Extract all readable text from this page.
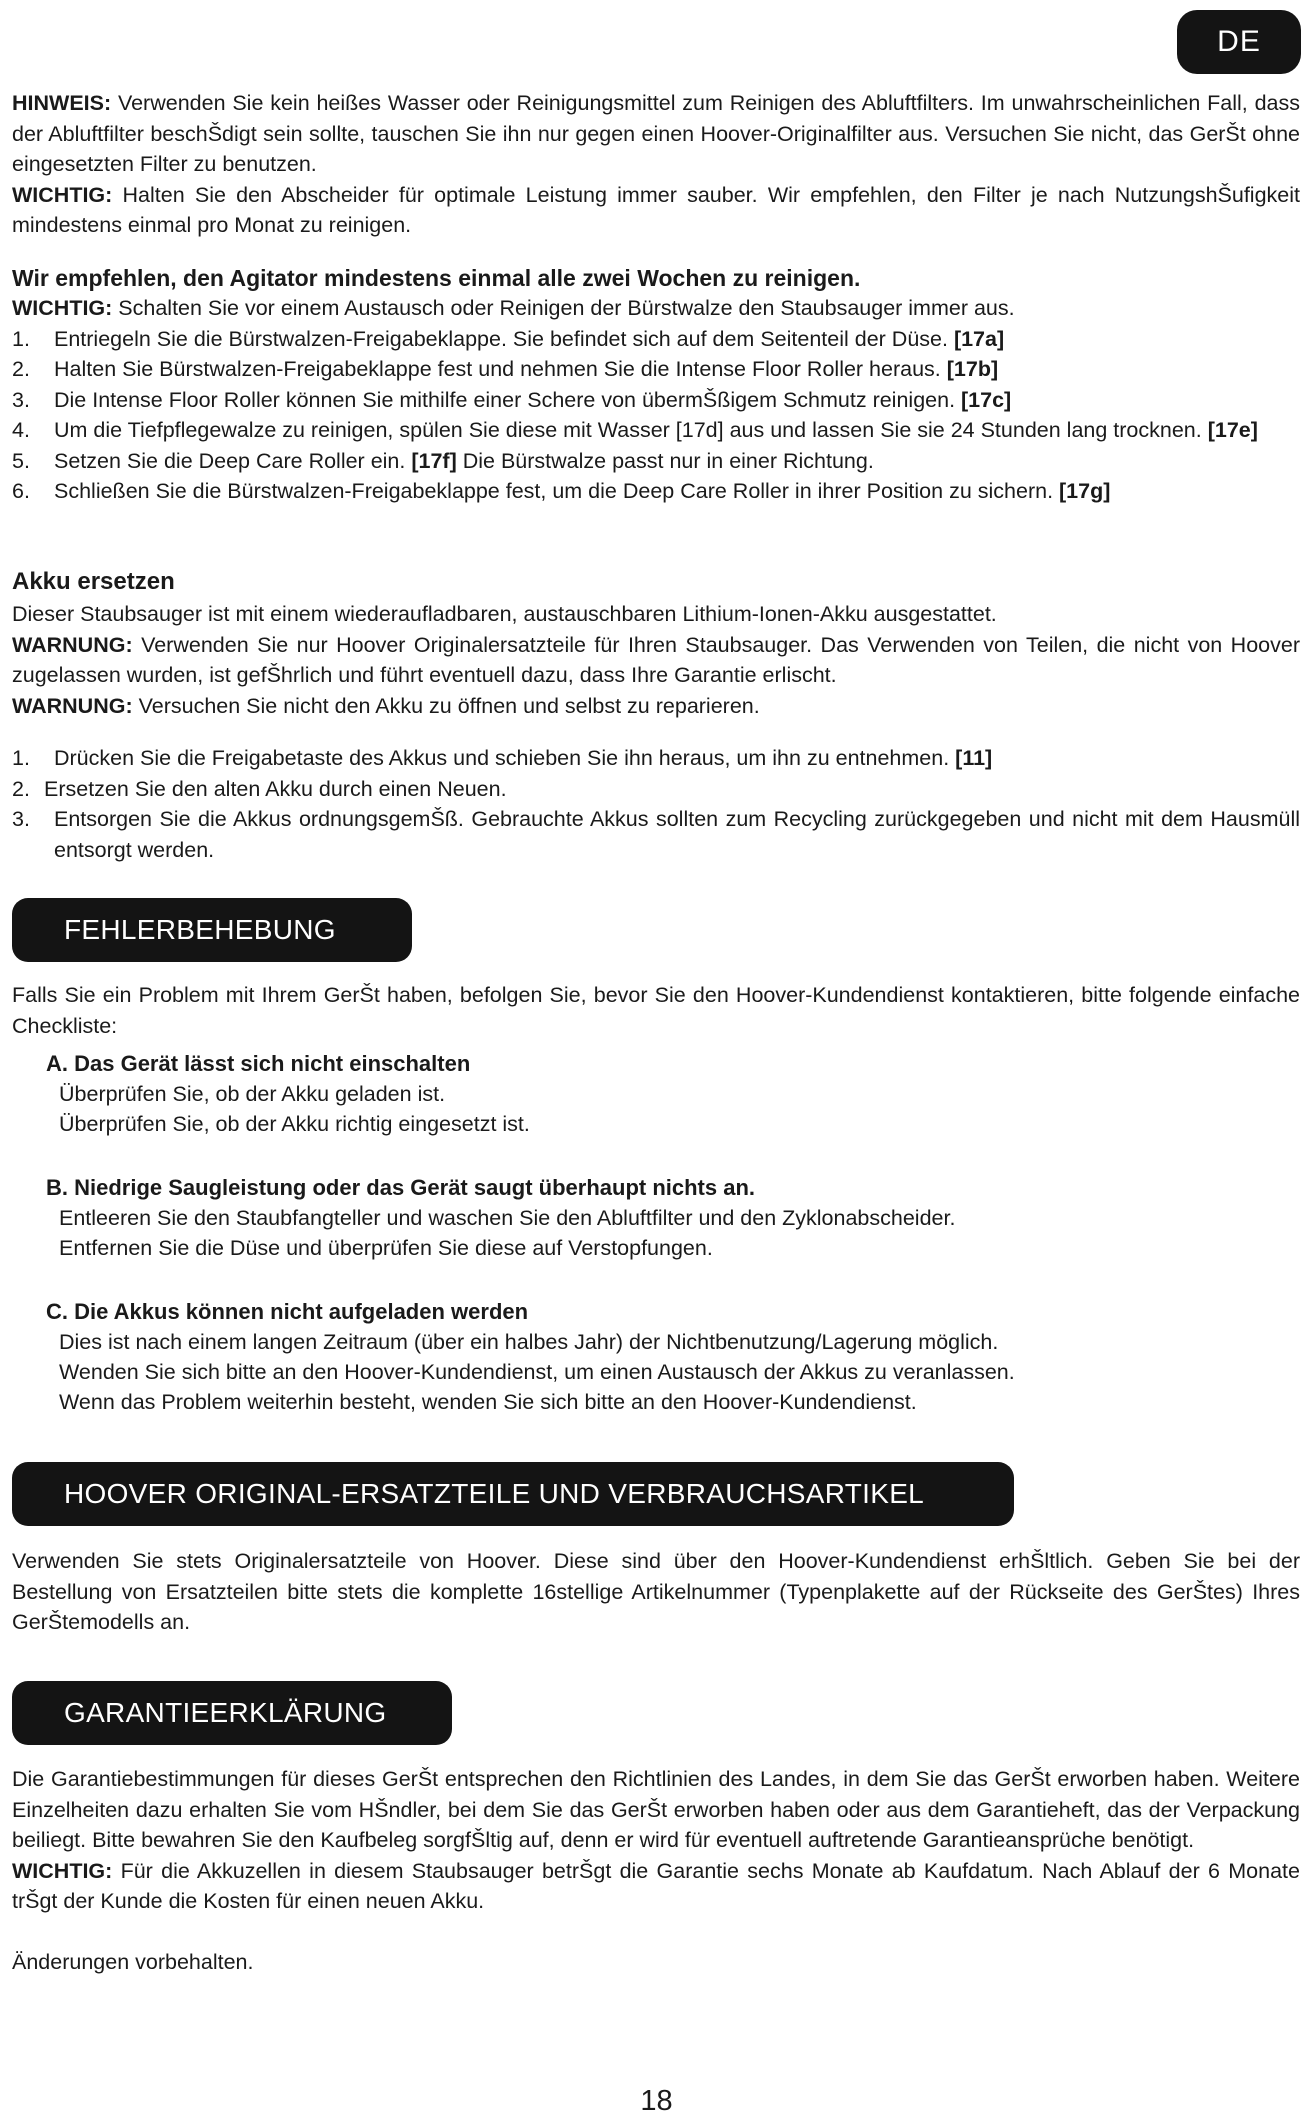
DE

HINWEIS: Verwenden Sie kein heißes Wasser oder Reinigungsmittel zum Reinigen des Abluftfilters. Im unwahrscheinlichen Fall, dass der Abluftfilter beschŠdigt sein sollte, tauschen Sie ihn nur gegen einen Hoover-Originalfilter aus. Versuchen Sie nicht, das GerŠt ohne eingesetzten Filter zu benutzen.

WICHTIG: Halten Sie den Abscheider für optimale Leistung immer sauber. Wir empfehlen, den Filter je nach NutzungshŠufigkeit mindestens einmal pro Monat zu reinigen.

Wir empfehlen, den Agitator mindestens einmal alle zwei Wochen zu reinigen.

WICHTIG: Schalten Sie vor einem Austausch oder Reinigen der Bürstwalze den Staubsauger immer aus.

1.	Entriegeln Sie die Bürstwalzen-Freigabeklappe. Sie befindet sich auf dem Seitenteil der Düse. [17a]
2.	Halten Sie Bürstwalzen-Freigabeklappe fest und nehmen Sie die Intense Floor Roller heraus. [17b]
3.	Die Intense Floor Roller können Sie mithilfe einer Schere von übermŠßigem Schmutz reinigen. [17c]
4.	Um die Tiefpflegewalze zu reinigen, spülen Sie diese mit Wasser [17d] aus und lassen Sie sie 24 Stunden lang trocknen. [17e]
5.	Setzen Sie die Deep Care Roller ein. [17f] Die Bürstwalze passt nur in einer Richtung.
6.	Schließen Sie die Bürstwalzen-Freigabeklappe fest, um die Deep Care Roller in ihrer Position zu sichern. [17g]

Akku ersetzen

Dieser Staubsauger ist mit einem wiederaufladbaren, austauschbaren Lithium-Ionen-Akku ausgestattet.

WARNUNG: Verwenden Sie nur Hoover Originalersatzteile für Ihren Staubsauger. Das Verwenden von Teilen, die nicht von Hoover zugelassen wurden, ist gefŠhrlich und führt eventuell dazu, dass Ihre Garantie erlischt.

WARNUNG: Versuchen Sie nicht den Akku zu öffnen und selbst zu reparieren.

1.	Drücken Sie die Freigabetaste des Akkus und schieben Sie ihn heraus, um ihn zu entnehmen. [11]
2. Ersetzen Sie den alten Akku durch einen Neuen.
3.	Entsorgen Sie die Akkus ordnungsgemŠß. Gebrauchte Akkus sollten zum Recycling zurückgegeben und nicht mit dem Hausmüll entsorgt werden.
FEHLERBEHEBUNG

Falls Sie ein Problem mit Ihrem GerŠt haben, befolgen Sie, bevor Sie den Hoover-Kundendienst kontaktieren, bitte folgende einfache Checkliste:

A. Das Gerät lässt sich nicht einschalten

Überprüfen Sie, ob der Akku geladen ist.

Überprüfen Sie, ob der Akku richtig eingesetzt ist.

B. Niedrige Saugleistung oder das Gerät saugt überhaupt nichts an.

Entleeren Sie den Staubfangteller und waschen Sie den Abluftfilter und den Zyklonabscheider.

Entfernen Sie die Düse und überprüfen Sie diese auf Verstopfungen.

C. Die Akkus können nicht aufgeladen werden

Dies ist nach einem langen Zeitraum (über ein halbes Jahr) der Nichtbenutzung/Lagerung möglich.

Wenden Sie sich bitte an den Hoover-Kundendienst, um einen Austausch der Akkus zu veranlassen.

Wenn das Problem weiterhin besteht, wenden Sie sich bitte an den Hoover-Kundendienst.

HOOVER ORIGINAL-ERSATZTEILE UND VERBRAUCHSARTIKEL

Verwenden Sie stets Originalersatzteile von Hoover. Diese sind über den Hoover-Kundendienst erhŠltlich. Geben Sie bei der Bestellung von Ersatzteilen bitte stets die komplette 16stellige Artikelnummer (Typenplakette auf der Rückseite des GerŠtes) Ihres GerŠtemodells an.

GARANTIEERKLÄRUNG

Die Garantiebestimmungen für dieses GerŠt entsprechen den Richtlinien des Landes, in dem Sie das GerŠt erworben haben. Weitere Einzelheiten dazu erhalten Sie vom HŠndler, bei dem Sie das GerŠt erworben haben oder aus dem Garantieheft, das der Verpackung beiliegt. Bitte bewahren Sie den Kaufbeleg sorgfŠltig auf, denn er wird für eventuell auftretende Garantieansprüche benötigt.

WICHTIG: Für die Akkuzellen in diesem Staubsauger betrŠgt die Garantie sechs Monate ab Kaufdatum. Nach Ablauf der 6 Monate trŠgt der Kunde die Kosten für einen neuen Akku.

Änderungen vorbehalten.

18
